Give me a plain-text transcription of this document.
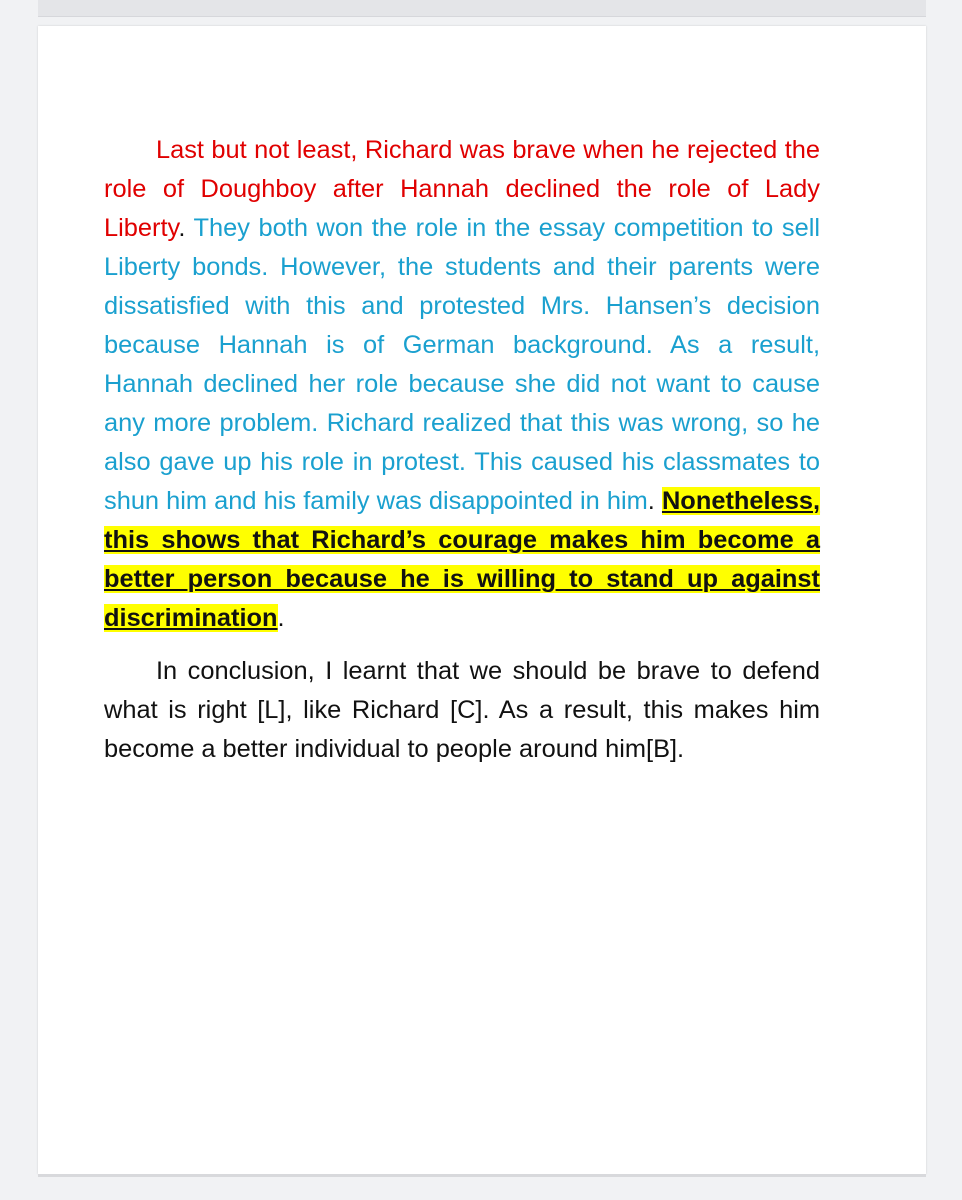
Last but not least, Richard was brave when he rejected the role of Doughboy after Hannah declined the role of Lady Liberty. They both won the role in the essay competition to sell Liberty bonds. However, the students and their parents were dissatisfied with this and protested Mrs. Hansen’s decision because Hannah is of German background. As a result, Hannah declined her role because she did not want to cause any more problem. Richard realized that this was wrong, so he also gave up his role in protest. This caused his classmates to shun him and his family was disappointed in him. Nonetheless, this shows that Richard’s courage makes him become a better person because he is willing to stand up against discrimination.

In conclusion, I learnt that we should be brave to defend what is right [L], like Richard [C]. As a result, this makes him become a better individual to people around him[B].
